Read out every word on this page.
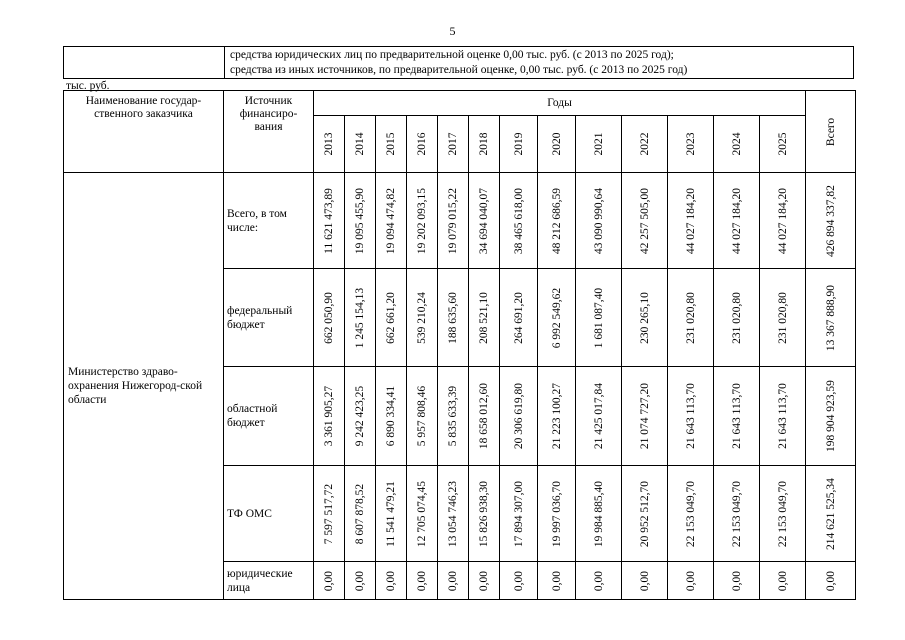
5
средства юридических лиц по предварительной оценке 0,00 тыс. руб. (с 2013 по 2025 год);
средства из иных источников, по предварительной оценке, 0,00 тыс. руб. (с 2013 по 2025 год)
тыс. руб.
Наименование государ-ственного заказчика	Источник финансиро-вания	Годы													Всего

		2013	2014	2015	2016	2017	2018	2019	2020	2021	2022	2023	2024	2025	

Министерство здраво-охранения Нижегород-ской области	Всего, в том числе:	11 621 473,89	19 095 455,90	19 094 474,82	19 202 093,15	19 079 015,22	34 694 040,07	38 465 618,00	48 212 686,59	43 090 990,64	42 257 505,00	44 027 184,20	44 027 184,20	44 027 184,20	426 894 337,82

	федеральный бюджет	662 050,90	1 245 154,13	662 661,20	539 210,24	188 635,60	208 521,10	264 691,20	6 992 549,62	1 681 087,40	230 265,10	231 020,80	231 020,80	231 020,80	13 367 888,90

	областной бюджет	3 361 905,27	9 242 423,25	6 890 334,41	5 957 808,46	5 835 633,39	18 658 012,60	20 306 619,80	21 223 100,27	21 425 017,84	21 074 727,20	21 643 113,70	21 643 113,70	21 643 113,70	198 904 923,59

	ТФ ОМС	7 597 517,72	8 607 878,52	11 541 479,21	12 705 074,45	13 054 746,23	15 826 938,30	17 894 307,00	19 997 036,70	19 984 885,40	20 952 512,70	22 153 049,70	22 153 049,70	22 153 049,70	214 621 525,34

	юридические лица	0,00	0,00	0,00	0,00	0,00	0,00	0,00	0,00	0,00	0,00	0,00	0,00	0,00	0,00
